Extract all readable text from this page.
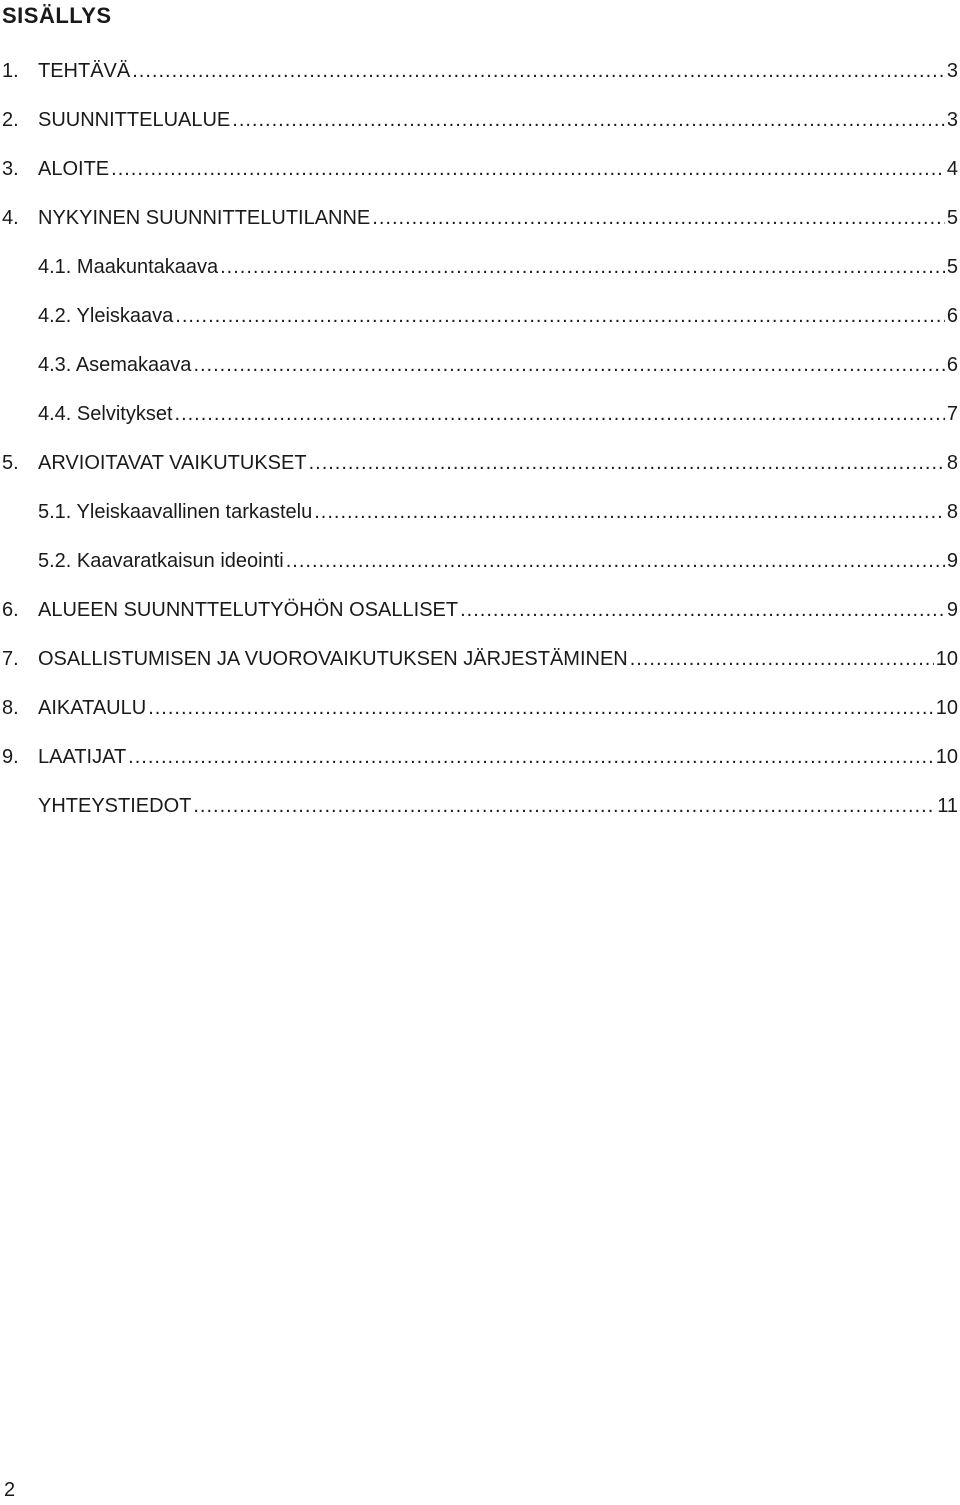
SISÄLLYS
1. TEHTÄVÄ .....	3
2. SUUNNITTELUALUE .....	3
3. ALOITE .....	4
4. NYKYINEN SUUNNITTELUTILANNE .....	5
4.1. Maakuntakaava .....	5
4.2. Yleiskaava .....	6
4.3. Asemakaava .....	6
4.4. Selvitykset .....	7
5. ARVIOITAVAT VAIKUTUKSET .....	8
5.1. Yleiskaavallinen tarkastelu .....	8
5.2. Kaavaratkaisun ideointi .....	9
6. ALUEEN SUUNNTTELUTYÖHÖN OSALLISET .....	9
7. OSALLISTUMISEN JA VUOROVAIKUTUKSEN JÄRJESTÄMINEN .....	10
8. AIKATAULU .....	10
9. LAATIJAT .....	10
YHTEYSTIEDOT .....	11
2
